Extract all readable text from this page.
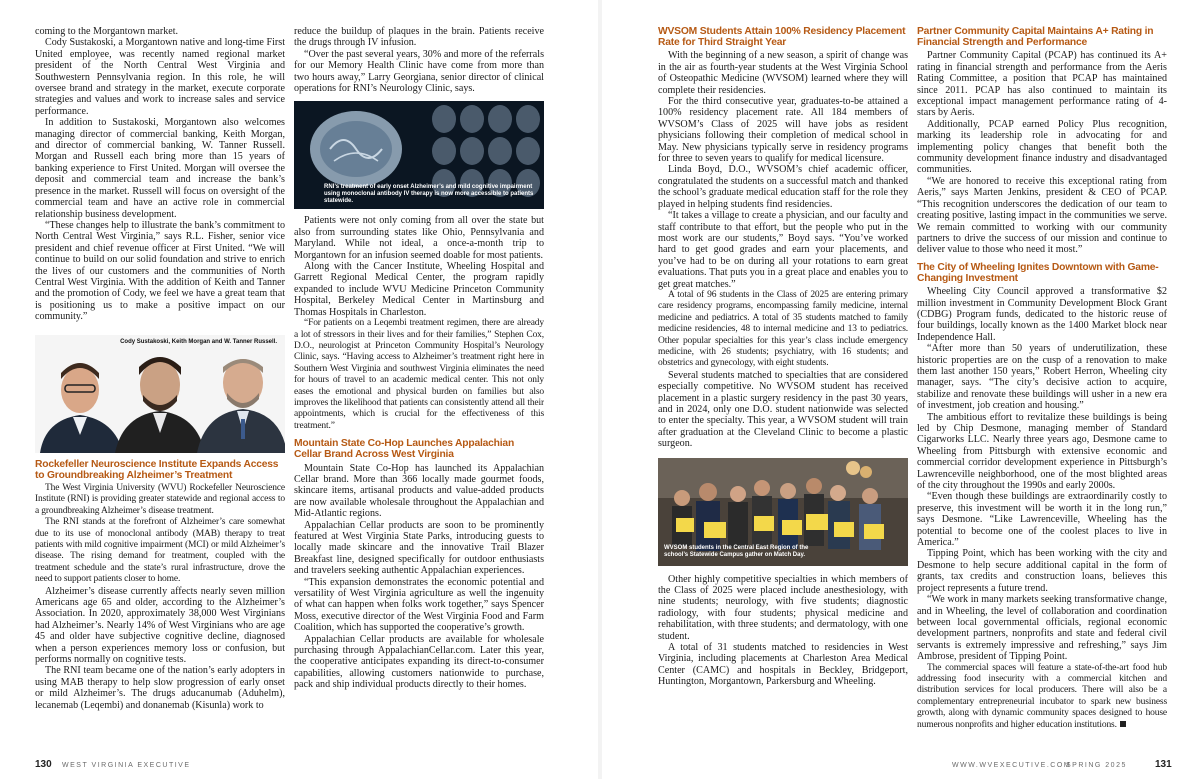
coming to the Morgantown market.

Cody Sustakoski, a Morgantown native and long-time First United employee, was recently named regional market president of the North Central West Virginia and Southwestern Pennsylvania region. In this role, he will oversee brand and strategy in the market, execute corporate strategies and values and work to increase sales and service performance.

In addition to Sustakoski, Morgantown also welcomes managing director of commercial banking, Keith Morgan, and director of commercial banking, W. Tanner Russell. Morgan and Russell each bring more than 15 years of banking experience to First United. Morgan will oversee the deposit and commercial team and increase the bank’s presence in the market. Russell will focus on oversight of the commercial team and have an active role in commercial relationship business development.

“These changes help to illustrate the bank’s commitment to North Central West Virginia,” says R.L. Fisher, senior vice president and chief revenue officer at First United. “We will continue to build on our solid foundation and strive to enrich the lives of our customers and the communities of North Central West Virginia. With the addition of Keith and Tanner and the promotion of Cody, we feel we have a great team that is positioning us to make a positive impact on our community.”

Cody Sustakoski, Keith Morgan and W. Tanner Russell.
Rockefeller Neuroscience Institute Expands Access to Groundbreaking Alzheimer’s Treatment

The West Virginia University (WVU) Rockefeller Neuroscience Institute (RNI) is providing greater statewide and regional access to a groundbreaking Alzheimer’s disease treatment.

The RNI stands at the forefront of Alzheimer’s care somewhat due to its use of monoclonal antibody (MAB) therapy to treat patients with mild cognitive impairment (MCI) or mild Alzheimer’s disease. The rising demand for treatment, coupled with the treatment schedule and the state’s rural infrastructure, drove the need to support patients closer to home.

Alzheimer’s disease currently affects nearly seven million Americans age 65 and older, according to the Alzheimer’s Association. In 2020, approximately 38,000 West Virginians had Alzheimer’s. Nearly 14% of West Virginians who are age 45 and older have subjective cognitive decline, diagnosed when a person experiences memory loss or confusion, but performs normally on cognitive tests.

The RNI team became one of the nation’s early adopters in using MAB therapy to help slow progression of early onset or mild Alzheimer’s. The drugs aducanumab (Aduhelm), lecanemab (Leqembi) and donanemab (Kisunla) work to

reduce the buildup of plaques in the brain. Patients receive the drugs through IV infusion.

“Over the past several years, 30% and more of the referrals for our Memory Health Clinic have come from more than two hours away,” Larry Georgiana, senior director of clinical operations for RNI’s Neurology Clinic, says.

RNI’s treatment of early onset Alzheimer’s and mild cognitive impairment using monoclonal antibody IV therapy is now more accessible to patients statewide.

Patients were not only coming from all over the state but also from surrounding states like Ohio, Pennsylvania and Maryland. While not ideal, a once-a-month trip to Morgantown for an infusion seemed doable for most patients.

Along with the Cancer Institute, Wheeling Hospital and Garrett Regional Medical Center, the program rapidly expanded to include WVU Medicine Princeton Community Hospital, Berkeley Medical Center in Martinsburg and Thomas Hospitals in Charleston.

“For patients on a Leqembi treatment regimen, there are already a lot of stressors in their lives and for their families,” Stephen Cox, D.O., neurologist at Princeton Community Hospital’s Neurology Clinic, says. “Having access to Alzheimer’s treatment right here in Southern West Virginia and southwest Virginia eliminates the need for hours of travel to an academic medical center. This not only eases the emotional and physical burden on families but also improves the likelihood that patients can consistently attend all their appointments, which is crucial for the effectiveness of this treatment.”

Mountain State Co-Hop Launches Appalachian Cellar Brand Across West Virginia

Mountain State Co-Hop has launched its Appalachian Cellar brand. More than 366 locally made gourmet foods, skincare items, artisanal products and value-added products are now available wholesale throughout the Appalachian and Mid-Atlantic regions.

Appalachian Cellar products are soon to be prominently featured at West Virginia State Parks, introducing guests to locally made skincare and the innovative Trail Blazer Breakfast line, designed specifically for outdoor enthusiasts and travelers seeking authentic Appalachian experiences.

“This expansion demonstrates the economic potential and versatility of West Virginia agriculture as well the ingenuity of what can happen when folks work together,” says Spencer Moss, executive director of the West Virginia Food and Farm Coalition, which has supported the cooperative’s growth.

Appalachian Cellar products are available for wholesale purchasing through AppalachianCellar.com. Later this year, the cooperative anticipates expanding its direct-to-consumer capabilities, allowing customers nationwide to purchase, pack and ship individual products directly to their homes.

130 WEST VIRGINIA EXECUTIVE
WVSOM Students Attain 100% Residency Placement Rate for Third Straight Year

With the beginning of a new season, a spirit of change was in the air as fourth-year students at the West Virginia School of Osteopathic Medicine (WVSOM) learned where they will complete their residencies.

For the third consecutive year, graduates-to-be attained a 100% residency placement rate. All 184 members of WVSOM’s Class of 2025 will have jobs as resident physicians following their completion of medical school in May. New physicians typically serve in residency programs for three to seven years to qualify for medical licensure.

Linda Boyd, D.O., WVSOM’s chief academic officer, congratulated the students on a successful match and thanked the school’s graduate medical education staff for the role they played in helping students find residencies.

“It takes a village to create a physician, and our faculty and staff contribute to that effort, but the people who put in the most work are our students,” Boyd says. “You’ve worked hard to get good grades and earn your placements, and you’ve had to be on during all your rotations to earn great evaluations. That puts you in a great place and enables you to get great matches.”

A total of 96 students in the Class of 2025 are entering primary care residency programs, encompassing family medicine, internal medicine and pediatrics. A total of 35 students matched to family medicine residencies, 48 to internal medicine and 13 to pediatrics. Other popular specialties for this year’s class include emergency medicine, with 26 students; psychiatry, with 16 students; and obstetrics and gynecology, with eight students.

Several students matched to specialties that are considered especially competitive. No WVSOM student has received placement in a plastic surgery residency in the past 30 years, and in 2024, only one D.O. student nationwide was selected to enter the specialty. This year, a WVSOM student will train after graduation at the Cleveland Clinic to become a plastic surgeon.

WVSOM students in the Central East Region of the school’s Statewide Campus gather on Match Day.

Other highly competitive specialties in which members of the Class of 2025 were placed include anesthesiology, with nine students; neurology, with five students; diagnostic radiology, with four students; physical medicine and rehabilitation, with three students; and dermatology, with one student.

A total of 31 students matched to residencies in West Virginia, including placements at Charleston Area Medical Center (CAMC) and hospitals in Beckley, Bridgeport, Huntington, Morgantown, Parkersburg and Wheeling.

Partner Community Capital Maintains A+ Rating in Financial Strength and Performance

Partner Community Capital (PCAP) has continued its A+ rating in financial strength and performance from the Aeris Rating Committee, a position that PCAP has maintained since 2011. PCAP has also continued to maintain its exceptional impact management performance rating of 4-stars by Aeris.

Additionally, PCAP earned Policy Plus recognition, marking its leadership role in advocating for and implementing policy changes that benefit both the community development finance industry and disadvantaged communities.

“We are honored to receive this exceptional rating from Aeris,” says Marten Jenkins, president & CEO of PCAP. “This recognition underscores the dedication of our team to creating positive, lasting impact in the communities we serve. We remain committed to working with our community partners to drive the success of our mission and continue to deliver value to those who need it most.”

The City of Wheeling Ignites Downtown with Game-Changing Investment

Wheeling City Council approved a transformative $2 million investment in Community Development Block Grant (CDBG) Program funds, dedicated to the historic reuse of four buildings, locally known as the 1400 Market block near Independence Hall.

“After more than 50 years of underutilization, these historic properties are on the cusp of a renovation to make them last another 150 years,” Robert Herron, Wheeling city manager, says. “The city’s decisive action to acquire, stabilize and renovate these buildings will usher in a new era of investment, job creation and housing.”

The ambitious effort to revitalize these buildings is being led by Chip Desmone, managing member of Standard Cigarworks LLC. Nearly three years ago, Desmone came to Wheeling from Pittsburgh with extensive economic and commercial corridor development experience in Pittsburgh’s Lawrenceville neighborhood, one of the most blighted areas of the city throughout the 1990s and early 2000s.

“Even though these buildings are extraordinarily costly to preserve, this investment will be worth it in the long run,” says Desmone. “Like Lawrenceville, Wheeling has the potential to become one of the coolest places to live in America.”

Tipping Point, which has been working with the city and Desmone to help secure additional capital in the form of grants, tax credits and construction loans, believes this project represents a future trend.

“We work in many markets seeking transformative change, and in Wheeling, the level of collaboration and coordination between local governmental officials, regional economic development partners, nonprofits and state and federal civil servants is extremely impressive and refreshing,” says Jim Ambrose, president of Tipping Point.

The commercial spaces will feature a state-of-the-art food hub addressing food insecurity with a commercial kitchen and distribution services for local producers. There will also be a complementary entrepreneurial incubator to spark new business growth, along with dynamic community spaces designed to house numerous nonprofits and higher education institutions.

WWW.WVEXECUTIVE.COM
SPRING 2025	131
